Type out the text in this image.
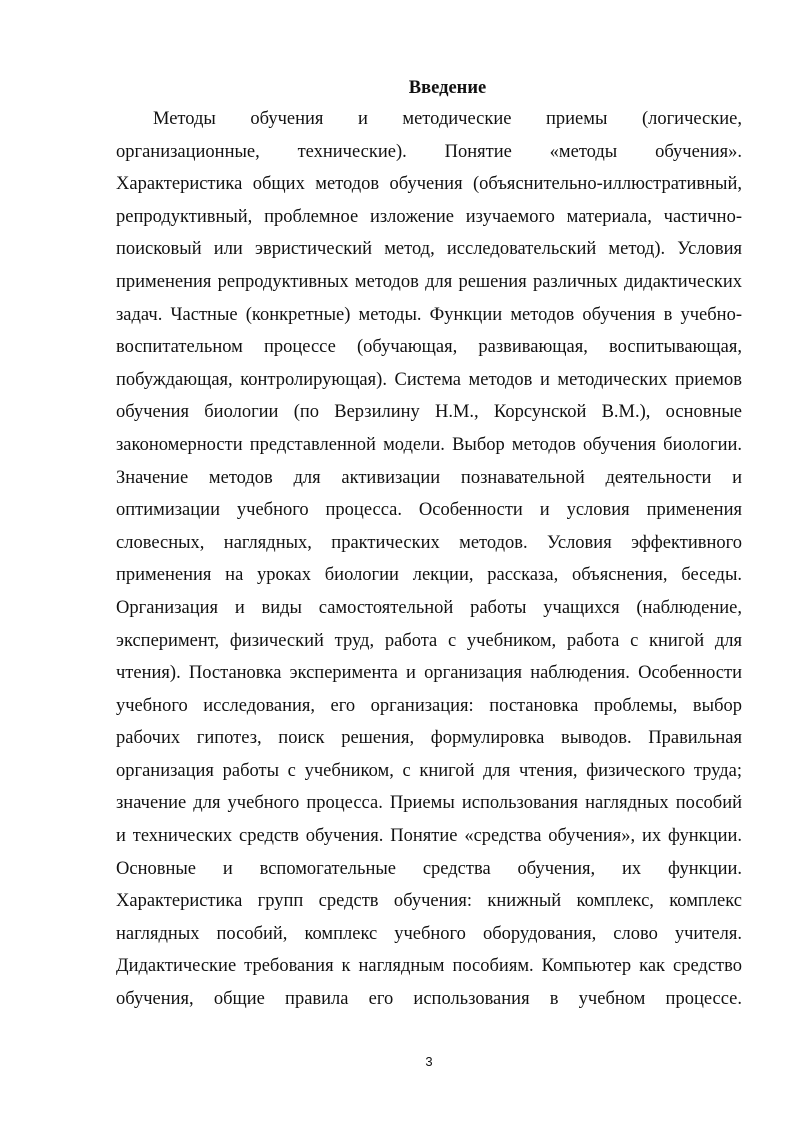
Введение
Методы обучения и методические приемы (логические,
организационные, технические). Понятие «методы обучения».
Характеристика общих методов обучения (объяснительно-иллюстративный,
репродуктивный, проблемное изложение изучаемого материала, частично-
поисковый или эвристический метод, исследовательский метод). Условия
применения репродуктивных методов для решения различных дидактических
задач. Частные (конкретные) методы. Функции методов обучения в учебно-
воспитательном процессе (обучающая, развивающая, воспитывающая,
побуждающая, контролирующая). Система методов и методических приемов
обучения биологии (по Верзилину Н.М., Корсунской В.М.), основные
закономерности представленной модели. Выбор методов обучения биологии.
Значение методов для активизации познавательной деятельности и
оптимизации учебного процесса. Особенности и условия применения
словесных, наглядных, практических методов. Условия эффективного
применения на уроках биологии лекции, рассказа, объяснения, беседы.
Организация и виды самостоятельной работы учащихся (наблюдение,
эксперимент, физический труд, работа с учебником, работа с книгой для
чтения). Постановка эксперимента и организация наблюдения. Особенности
учебного исследования, его организация: постановка проблемы, выбор
рабочих гипотез, поиск решения, формулировка выводов. Правильная
организация работы с учебником, с книгой для чтения, физического труда;
значение для учебного процесса. Приемы использования наглядных пособий
и технических средств обучения. Понятие «средства обучения», их функции.
Основные и вспомогательные средства обучения, их функции.
Характеристика групп средств обучения: книжный комплекс, комплекс
наглядных пособий, комплекс учебного оборудования, слово учителя.
Дидактические требования к наглядным пособиям. Компьютер как средство
обучения, общие правила его использования в учебном процессе.
3
